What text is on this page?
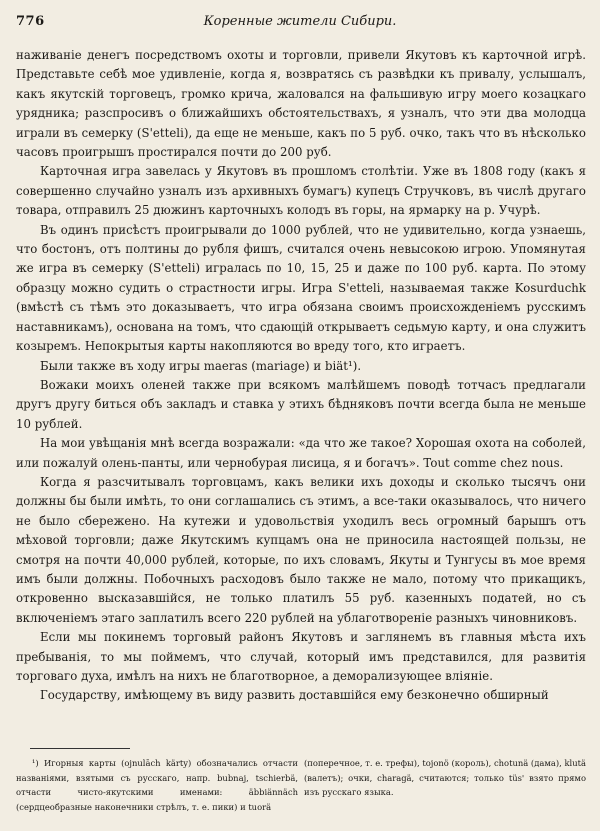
776	Коренные жители Сибири.

наживаніе денегъ посредствомъ охоты и торговли, привели Якутовъ къ карточной игрѣ. Представьте себѣ мое удивленіе, когда я, возвратясь съ развѣдки къ привалу, услышалъ, какъ якутскій торговецъ, громко крича, жаловался на фальшивую игру моего козацкаго урядника; разспросивъ о ближайшихъ обстоятельствахъ, я узналъ, что эти два молодца играли въ семерку (S'etteli), да еще не меньше, какъ по 5 руб. очко, такъ что въ нѣсколько часовъ проигрышъ простирался почти до 200 руб.

Карточная игра завелась у Якутовъ въ прошломъ столѣтіи. Уже въ 1808 году (какъ я совершенно случайно узналъ изъ архивныхъ бумагъ) купецъ Стручковъ, въ числѣ другаго товара, отправилъ 25 дюжинъ карточныхъ колодъ въ горы, на ярмарку на р. Учурѣ.

Въ одинъ присѣстъ проигрывали до 1000 рублей, что не удивительно, когда узнаешь, что бостонъ, отъ полтины до рубля фишъ, считался очень невысокою игрою. Упомянутая же игра въ семерку (S'etteli) игралась по 10, 15, 25 и даже по 100 руб. карта. По этому образцу можно судить о страстности игры. Игра S'etteli, называемая также Kosurduchk (вмѣстѣ съ тѣмъ это доказываетъ, что игра обязана своимъ происхожденіемъ русскимъ наставникамъ), основана на томъ, что сдающій открываетъ седьмую карту, и она служитъ козыремъ. Непокрытыя карты накопляются во вреду того, кто играетъ.

Были также въ ходу игры maeras (mariage) и biät¹).

Вожаки моихъ оленей также при всякомъ малѣйшемъ поводѣ тотчасъ предлагали другъ другу биться объ закладъ и ставка у этихъ бѣдняковъ почти всегда была не меньше 10 рублей.

На мои увѣщанія мнѣ всегда возражали: «да что же такое? Хорошая охота на соболей, или пожалуй олень-панты, или чернобурая лисица, я и богачъ». Tout comme chez nous.

Когда я разсчитывалъ торговцамъ, какъ велики ихъ доходы и сколько тысячъ они должны бы были имѣть, то они соглашались съ этимъ, а все-таки оказывалось, что ничего не было сбережено. На кутежи и удовольствія уходилъ весь огромный барышъ отъ мѣховой торговли; даже Якутскимъ купцамъ она не приносила настоящей пользы, не смотря на почти 40,000 рублей, которые, по ихъ словамъ, Якуты и Тунгусы въ мое время имъ были должны. Побочныхъ расходовъ было также не мало, потому что прикащикъ, откровенно высказавшійся, не только платилъ 55 руб. казенныхъ податей, но съ включеніемъ этаго заплатилъ всего 220 рублей на ублаготвореніе разныхъ чиновниковъ.

Если мы покинемъ торговый районъ Якутовъ и заглянемъ въ главныя мѣста ихъ пребыванія, то мы поймемъ, что случай, который имъ представился, для развитія торговаго духа, имѣлъ на нихъ не благотворное, а деморализующее вліяніе.

Государству, имѣющему въ виду развить доставшійся ему безконечно обширный

¹) Игорныя карты (ojnulāch kärty) обозначались отчасти названіями, взятыми съ русскаго, напр. bubnaj, tschierbä, отчасти чисто-якутскими именами: äbbiännäch (сердцеобразные наконечники стрѣлъ, т. е. пики) и tuorä

(поперечное, т. е. трефы), tojonö (король), chotunä (дама), klutä (валетъ); очки, charagä, считаются; только tüs' взято прямо изъ русскаго языка.
